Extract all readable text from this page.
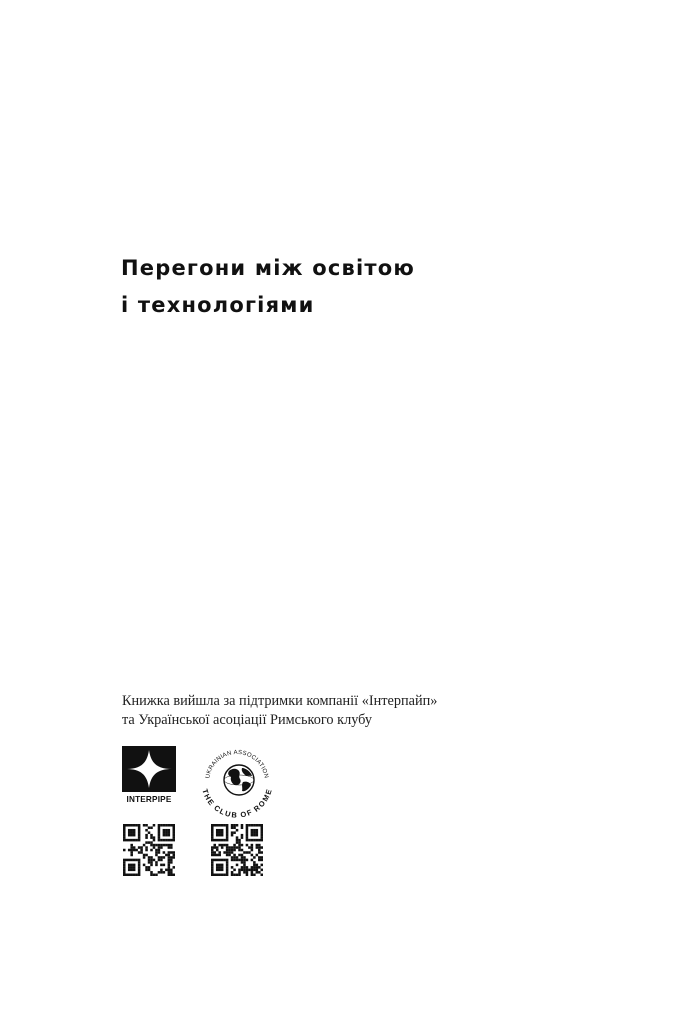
Перегони між освітою
і технологіями
Книжка вийшла за підтримки компанії «Інтерпайп»
та Української асоціації Римського клубу
INTERPIPE
UKRAINIAN ASSOCIATION
THE CLUB OF ROME
